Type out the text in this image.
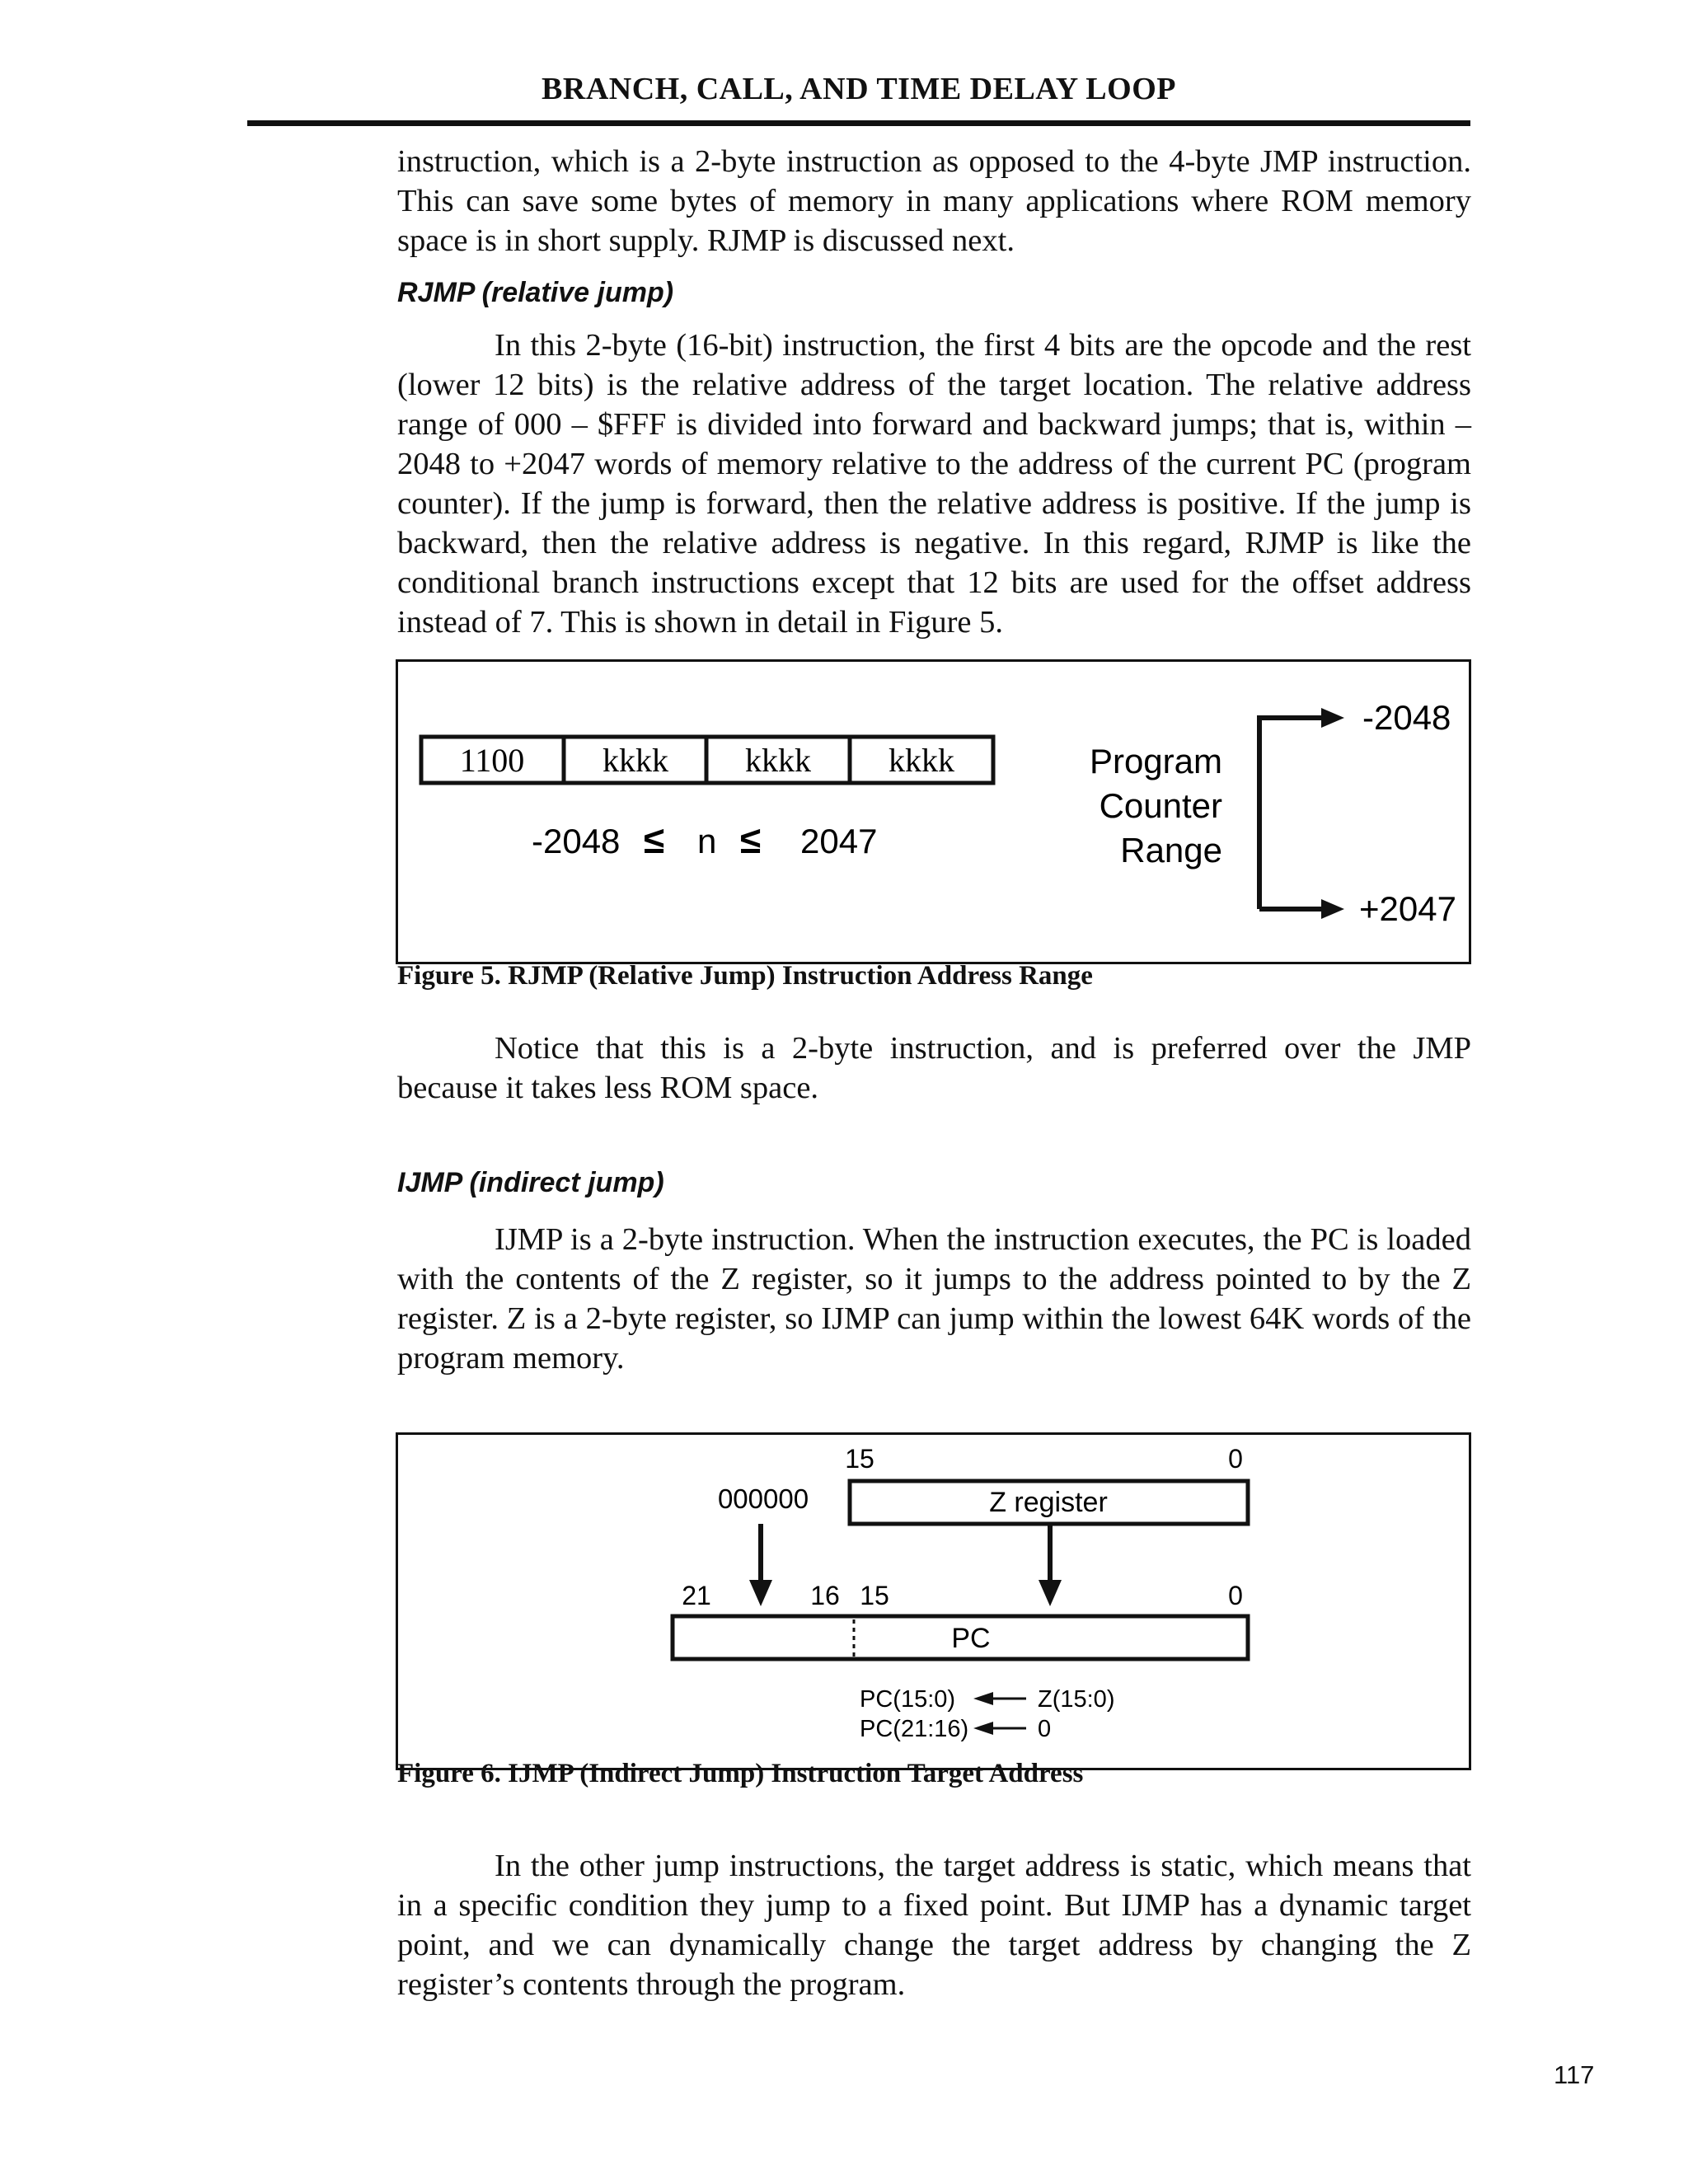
BRANCH, CALL, AND TIME DELAY LOOP

instruction, which is a 2-byte instruction as opposed to the 4-byte JMP instruction. This can save some bytes of memory in many applications where ROM memory space is in short supply. RJMP is discussed next.

RJMP (relative jump)

In this 2-byte (16-bit) instruction, the first 4 bits are the opcode and the rest (lower 12 bits) is the relative address of the target location. The relative address range of 000 – $FFF is divided into forward and backward jumps; that is, within –2048 to +2047 words of memory relative to the address of the current PC (program counter). If the jump is forward, then the relative address is positive. If the jump is backward, then the relative address is negative. In this regard, RJMP is like the conditional branch instructions except that 12 bits are used for the offset address instead of 7. This is shown in detail in Figure 5.

1100 kkkk kkkk kkkk
-2048 ≤ n ≤ 2047
Program
Counter
Range
-2048
+2047

Figure 5. RJMP (Relative Jump) Instruction Address Range

Notice that this is a 2-byte instruction, and is preferred over the JMP because it takes less ROM space.

IJMP (indirect jump)

IJMP is a 2-byte instruction. When the instruction executes, the PC is loaded with the contents of the Z register, so it jumps to the address pointed to by the Z register. Z is a 2-byte register, so IJMP can jump within the lowest 64K words of the program memory.

15	0
000000	Z register
21	16 15	0
PC
PC(15:0)	Z(15:0)
PC(21:16)	0

Figure 6. IJMP (Indirect Jump) Instruction Target Address

In the other jump instructions, the target address is static, which means that in a specific condition they jump to a fixed point. But IJMP has a dynamic target point, and we can dynamically change the target address by changing the Z register’s contents through the program.

117
